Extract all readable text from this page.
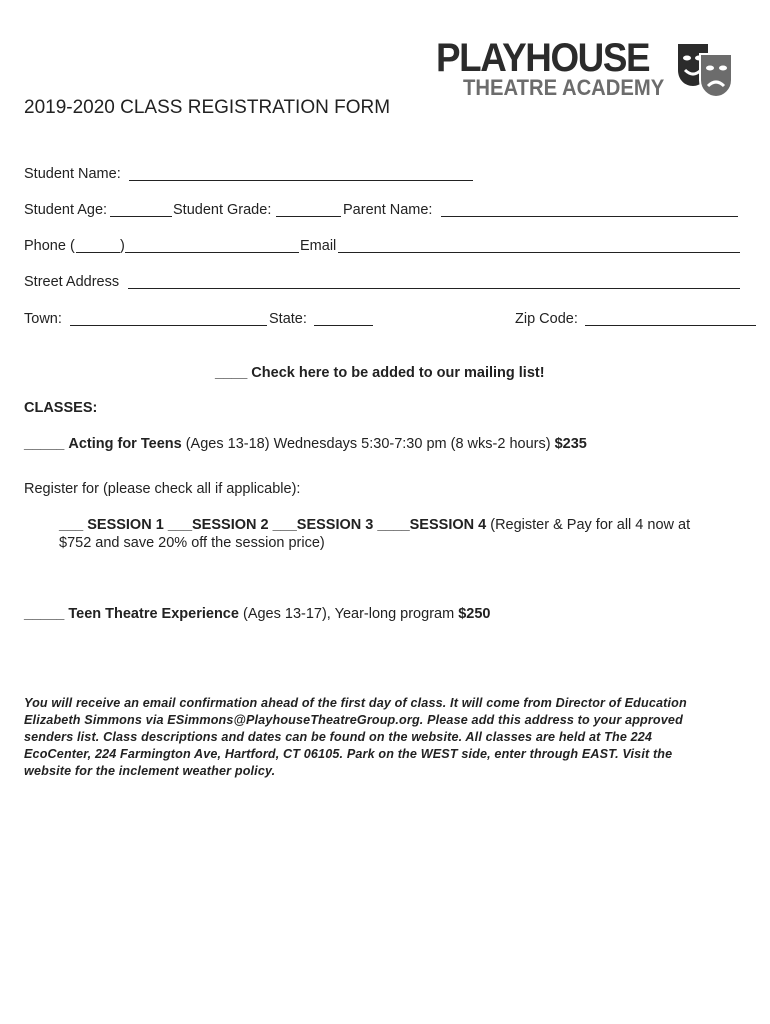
PLAYHOUSE
THEATRE ACADEMY
2019-2020 CLASS REGISTRATION FORM
Student Name:
Student Age:	Student Grade:	Parent Name:
Phone (	)	Email
Street Address
Town:	State:	Zip Code:
____ Check here to be added to our mailing list!
CLASSES:
_____ Acting for Teens (Ages 13-18) Wednesdays 5:30-7:30 pm (8 wks-2 hours) $235
Register for (please check all if applicable):
___ SESSION 1 ___SESSION 2 ___SESSION 3 ____SESSION 4 (Register & Pay for all 4 now at
$752 and save 20% off the session price)
_____ Teen Theatre Experience (Ages 13-17), Year-long program $250
You will receive an email confirmation ahead of the first day of class. It will come from Director of Education
Elizabeth Simmons via ESimmons@PlayhouseTheatreGroup.org. Please add this address to your approved
senders list. Class descriptions and dates can be found on the website. All classes are held at The 224
EcoCenter, 224 Farmington Ave, Hartford, CT 06105. Park on the WEST side, enter through EAST. Visit the
website for the inclement weather policy.
